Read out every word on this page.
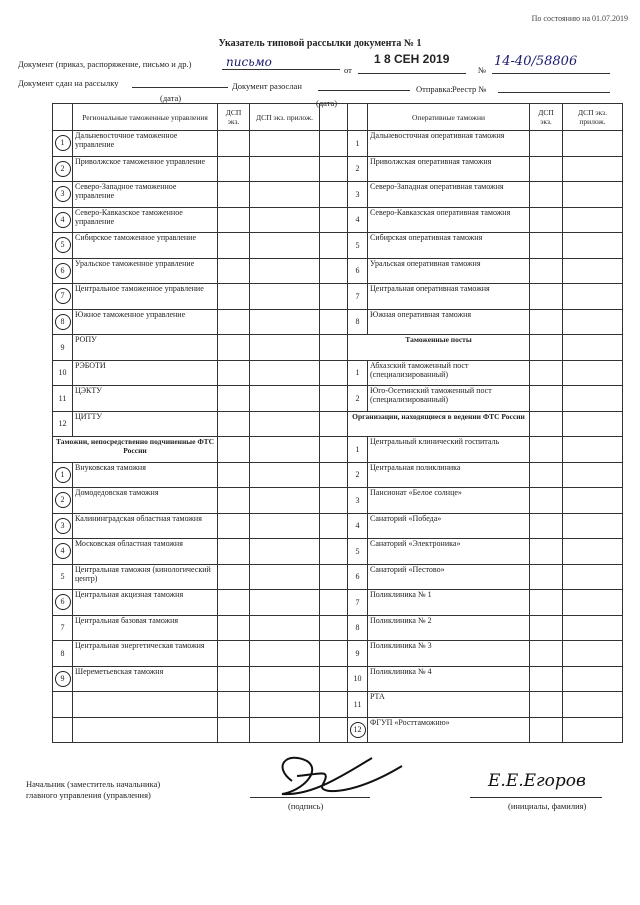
По состоянию на 01.07.2019
Указатель типовой рассылки документа № 1
Документ (приказ, распоряжение, письмо и др.)	письмо
от
1 8 СЕН 2019
№
14-40/58806
Документ сдан на рассылку	Документ разослан	Отправка: Реестр №
(дата)	(дата)
	Региональные таможенные управления	ДСП экз.	ДСП экз. прилож.			Оперативные таможни	ДСП экз.	ДСП экз. прилож.
1	Дальневосточное таможенное управление				1	Дальневосточная оперативная таможня		
2	Приволжское таможенное управление				2	Приволжская оперативная таможня		
3	Северо-Западное таможенное управление				3	Северо-Западная оперативная таможня		
4	Северо-Кавказское таможенное управление				4	Северо-Кавказская оперативная таможня		
5	Сибирское таможенное управление				5	Сибирская оперативная таможня		
6	Уральское таможенное управление				6	Уральская оперативная таможня		
7	Центральное таможенное управление				7	Центральная оперативная таможня		
8	Южное таможенное управление				8	Южная оперативная таможня		
9	РОПУ				Таможенные посты			
10	РЭБОТИ				1	Абхазский таможенный пост (специализированный)		
11	ЦЭКТУ				2	Юго-Осетинский таможенный пост (специализированный)		
12	ЦИТТУ				Организации, находящиеся в ведении ФТС России			
Таможни, непосредственно подчиненные ФТС России					1	Центральный клинический госпиталь		
1	Внуковская таможня				2	Центральная поликлиника		
2	Домодедовская таможня				3	Пансионат «Белое солнце»		
3	Калининградская областная таможня				4	Санаторий «Победа»		
4	Московская областная таможня				5	Санаторий «Электроника»		
5	Центральная таможня (кинологический центр)				6	Санаторий «Пестово»		
6	Центральная акцизная таможня				7	Поликлиника № 1		
7	Центральная базовая таможня				8	Поликлиника № 2		
8	Центральная энергетическая таможня				9	Поликлиника № 3		
9	Шереметьевская таможня				10	Поликлиника № 4		
					11	РТА		
					12	ФГУП «Росттаможню»		
Начальник (заместитель начальника)
главного управления (управления)
(подпись)
Е.Е.Егоров
(инициалы, фамилия)
